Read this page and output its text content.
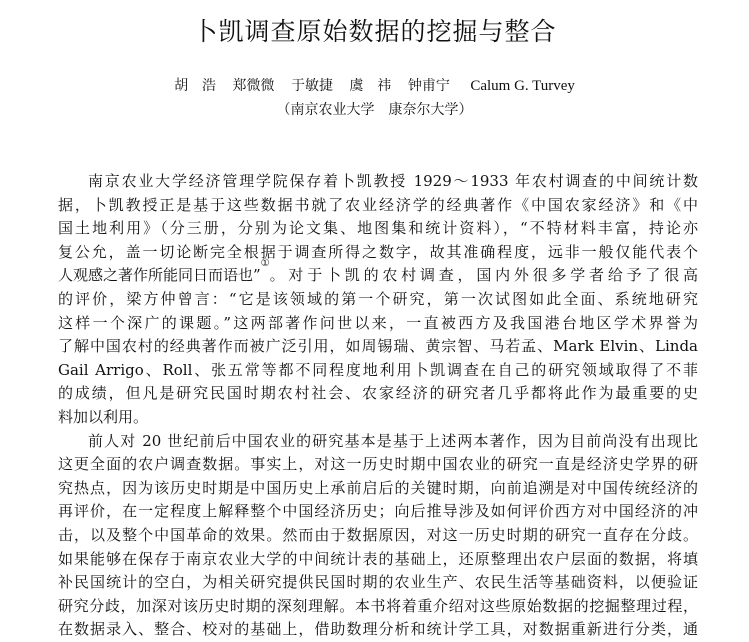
卜凯调查原始数据的挖掘与整合
胡　浩 郑微微 于敏捷 虞　祎 钟甫宁 Calum G. Turvey
（南京农业大学　康奈尔大学）
南京农业大学经济管理学院保存着卜凯教授 1929～1933 年农村调查的中间统计数
据，卜凯教授正是基于这些数据书就了农业经济学的经典著作《中国农家经济》和《中
国土地利用》（分三册，分别为论文集、地图集和统计资料），“不特材料丰富，持论亦
复公允，盖一切论断完全根据于调查所得之数字，故其准确程度，远非一般仅能代表个
人观感之著作所能同日而语也”
①
。对于卜凯的农村调查，国内外很多学者给予了很高
的评价，梁方仲曾言：“它是该领域的第一个研究，第一次试图如此全面、系统地研究
这样一个深广的课题。”这两部著作问世以来，一直被西方及我国港台地区学术界誉为
了解中国农村的经典著作而被广泛引用，如周锡瑞、黄宗智、马若孟、Mark Elvin、Linda
Gail Arrigo、Roll、张五常等都不同程度地利用卜凯调查在自己的研究领域取得了不菲
的成绩，但凡是研究民国时期农村社会、农家经济的研究者几乎都将此作为最重要的史
料加以利用。
前人对 20 世纪前后中国农业的研究基本是基于上述两本著作，因为目前尚没有出现比
这更全面的农户调查数据。事实上，对这一历史时期中国农业的研究一直是经济史学界的研
究热点，因为该历史时期是中国历史上承前启后的关键时期，向前追溯是对中国传统经济的
再评价，在一定程度上解释整个中国经济历史；向后推导涉及如何评价西方对中国经济的冲
击，以及整个中国革命的效果。然而由于数据原因，对这一历史时期的研究一直存在分歧。
如果能够在保存于南京农业大学的中间统计表的基础上，还原整理出农户层面的数据，将填
补民国统计的空白，为相关研究提供民国时期的农业生产、农民生活等基础资料，以便验证
研究分歧，加深对该历史时期的深刻理解。本书将着重介绍对这些原始数据的挖掘整理过程，
在数据录入、整合、校对的基础上，借助数理分析和统计学工具，对数据重新进行分类，通
